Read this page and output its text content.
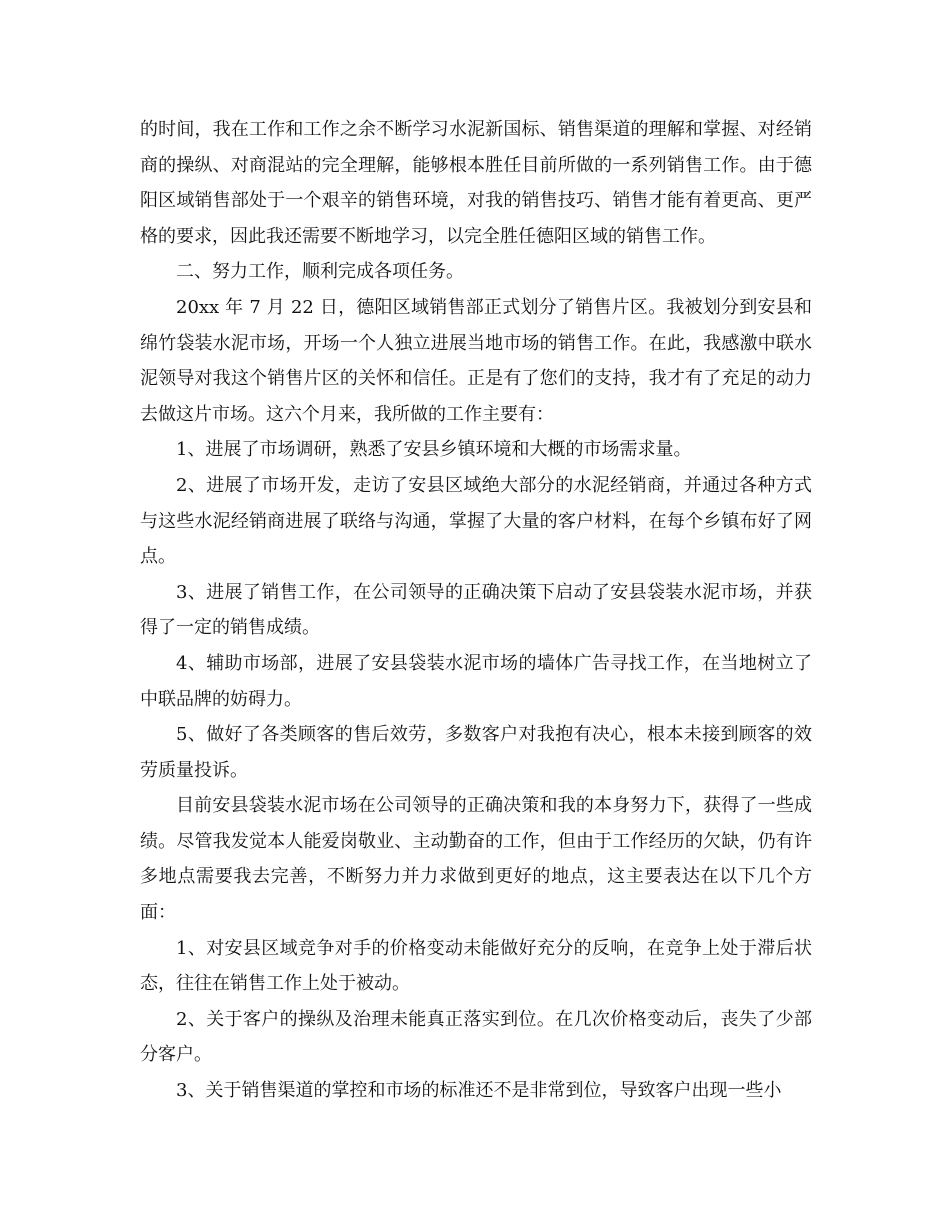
的时间，我在工作和工作之余不断学习水泥新国标、销售渠道的理解和掌握、对经销商的操纵、对商混站的完全理解，能够根本胜任目前所做的一系列销售工作。由于德阳区域销售部处于一个艰辛的销售环境，对我的销售技巧、销售才能有着更高、更严格的要求，因此我还需要不断地学习，以完全胜任德阳区域的销售工作。

二、努力工作，顺利完成各项任务。

20xx 年 7 月 22 日，德阳区域销售部正式划分了销售片区。我被划分到安县和绵竹袋装水泥市场，开场一个人独立进展当地市场的销售工作。在此，我感激中联水泥领导对我这个销售片区的关怀和信任。正是有了您们的支持，我才有了充足的动力去做这片市场。这六个月来，我所做的工作主要有：

1、进展了市场调研，熟悉了安县乡镇环境和大概的市场需求量。

2、进展了市场开发，走访了安县区域绝大部分的水泥经销商，并通过各种方式与这些水泥经销商进展了联络与沟通，掌握了大量的客户材料，在每个乡镇布好了网点。

3、进展了销售工作，在公司领导的正确决策下启动了安县袋装水泥市场，并获得了一定的销售成绩。

4、辅助市场部，进展了安县袋装水泥市场的墙体广告寻找工作，在当地树立了中联品牌的妨碍力。

5、做好了各类顾客的售后效劳，多数客户对我抱有决心，根本未接到顾客的效劳质量投诉。

目前安县袋装水泥市场在公司领导的正确决策和我的本身努力下，获得了一些成绩。尽管我发觉本人能爱岗敬业、主动勤奋的工作，但由于工作经历的欠缺，仍有许多地点需要我去完善，不断努力并力求做到更好的地点，这主要表达在以下几个方面：

1、对安县区域竞争对手的价格变动未能做好充分的反响，在竞争上处于滞后状态，往往在销售工作上处于被动。

2、关于客户的操纵及治理未能真正落实到位。在几次价格变动后，丧失了少部分客户。

3、关于销售渠道的掌控和市场的标准还不是非常到位，导致客户出现一些小
